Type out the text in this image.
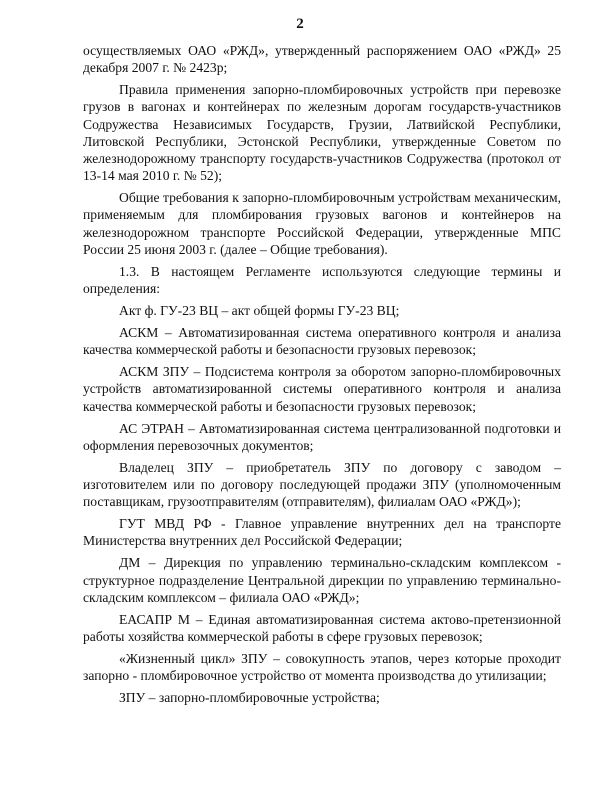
2

осуществляемых ОАО «РЖД», утвержденный распоряжением ОАО «РЖД» 25 декабря 2007 г. № 2423р;

Правила применения запорно-пломбировочных устройств при перевозке грузов в вагонах и контейнерах по железным дорогам государств-участников Содружества Независимых Государств, Грузии, Латвийской Республики, Литовской Республики, Эстонской Республики, утвержденные Советом по железнодорожному транспорту государств-участников Содружества (протокол от 13-14 мая 2010 г. № 52);

Общие требования к запорно-пломбировочным устройствам механическим, применяемым для пломбирования грузовых вагонов и контейнеров на железнодорожном транспорте Российской Федерации, утвержденные МПС России 25 июня 2003 г. (далее – Общие требования).

1.3. В настоящем Регламенте используются следующие термины и определения:

Акт ф. ГУ-23 ВЦ – акт общей формы ГУ-23 ВЦ;

АСКМ – Автоматизированная система оперативного контроля и анализа качества коммерческой работы и безопасности грузовых перевозок;

АСКМ ЗПУ – Подсистема контроля за оборотом запорно-пломбировочных устройств автоматизированной системы оперативного контроля и анализа качества коммерческой работы и безопасности грузовых перевозок;

АС ЭТРАН – Автоматизированная система централизованной подготовки и оформления перевозочных документов;

Владелец ЗПУ – приобретатель ЗПУ по договору с заводом – изготовителем или по договору последующей продажи ЗПУ (уполномоченным поставщикам, грузоотправителям (отправителям), филиалам ОАО «РЖД»);

ГУТ МВД РФ - Главное управление внутренних дел на транспорте Министерства внутренних дел Российской Федерации;

ДМ – Дирекция по управлению терминально-складским комплексом - структурное подразделение Центральной дирекции по управлению терминально-складским комплексом – филиала ОАО «РЖД»;

ЕАСАПР М – Единая автоматизированная система актово-претензионной работы хозяйства коммерческой работы в сфере грузовых перевозок;

«Жизненный цикл» ЗПУ – совокупность этапов, через которые проходит запорно - пломбировочное устройство от момента производства до утилизации;

ЗПУ – запорно-пломбировочные устройства;
